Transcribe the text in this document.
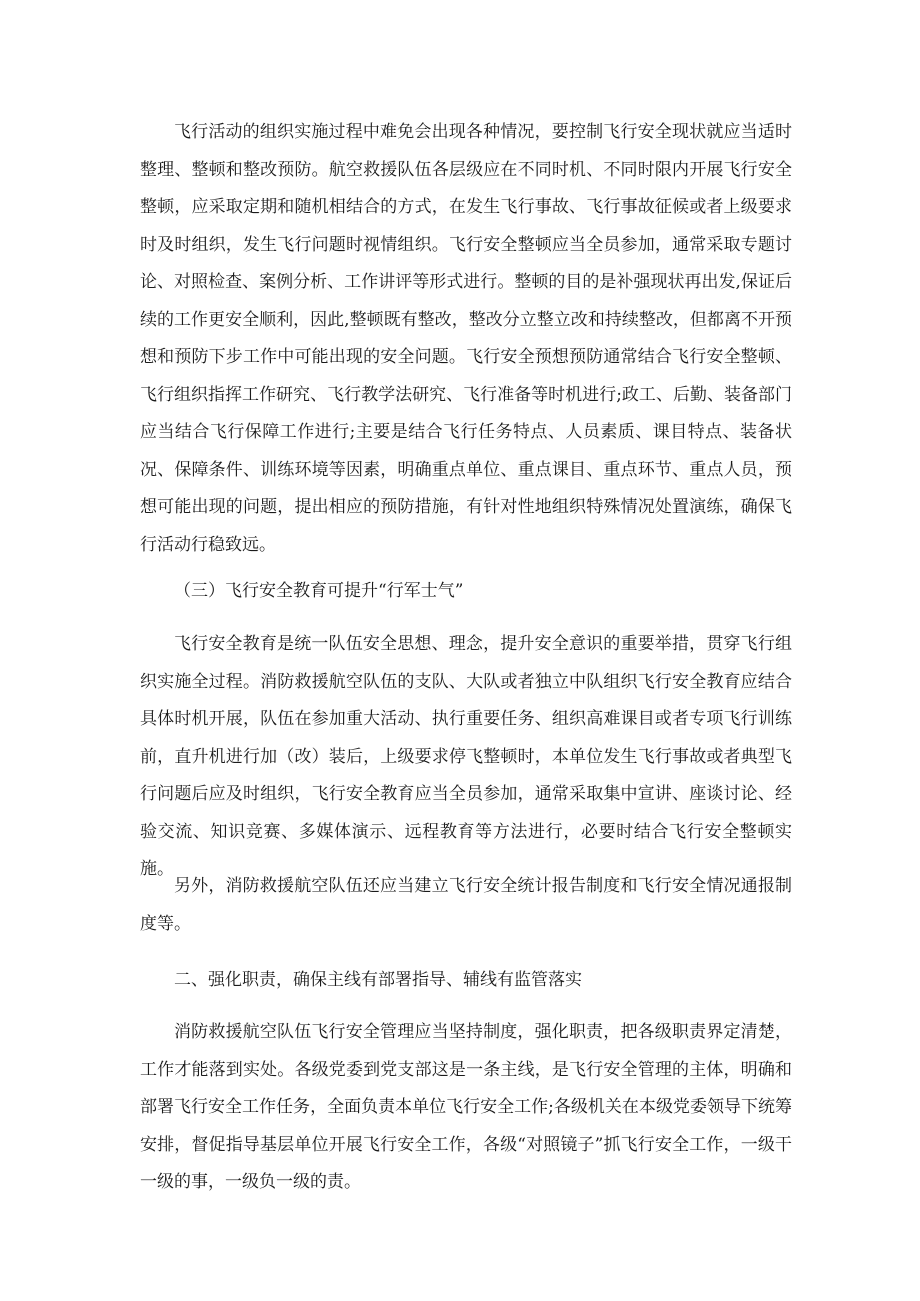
飞行活动的组织实施过程中难免会出现各种情况，要控制飞行安全现状就应当适时整理、整顿和整改预防。航空救援队伍各层级应在不同时机、不同时限内开展飞行安全整顿，应采取定期和随机相结合的方式，在发生飞行事故、飞行事故征候或者上级要求时及时组织，发生飞行问题时视情组织。飞行安全整顿应当全员参加，通常采取专题讨论、对照检查、案例分析、工作讲评等形式进行。整顿的目的是补强现状再出发,保证后续的工作更安全顺利，因此,整顿既有整改，整改分立整立改和持续整改，但都离不开预想和预防下步工作中可能出现的安全问题。飞行安全预想预防通常结合飞行安全整顿、飞行组织指挥工作研究、飞行教学法研究、飞行准备等时机进行;政工、后勤、装备部门应当结合飞行保障工作进行;主要是结合飞行任务特点、人员素质、课目特点、装备状况、保障条件、训练环境等因素，明确重点单位、重点课目、重点环节、重点人员，预想可能出现的问题，提出相应的预防措施，有针对性地组织特殊情况处置演练，确保飞行活动行稳致远。

（三）飞行安全教育可提升“行军士气”

飞行安全教育是统一队伍安全思想、理念，提升安全意识的重要举措，贯穿飞行组织实施全过程。消防救援航空队伍的支队、大队或者独立中队组织飞行安全教育应结合具体时机开展，队伍在参加重大活动、执行重要任务、组织高难课目或者专项飞行训练前，直升机进行加（改）装后，上级要求停飞整顿时，本单位发生飞行事故或者典型飞行问题后应及时组织，飞行安全教育应当全员参加，通常采取集中宣讲、座谈讨论、经验交流、知识竞赛、多媒体演示、远程教育等方法进行，必要时结合飞行安全整顿实施。

另外，消防救援航空队伍还应当建立飞行安全统计报告制度和飞行安全情况通报制度等。

二、强化职责，确保主线有部署指导、辅线有监管落实

消防救援航空队伍飞行安全管理应当坚持制度，强化职责，把各级职责界定清楚，工作才能落到实处。各级党委到党支部这是一条主线，是飞行安全管理的主体，明确和部署飞行安全工作任务，全面负责本单位飞行安全工作;各级机关在本级党委领导下统筹安排，督促指导基层单位开展飞行安全工作，各级“对照镜子”抓飞行安全工作，一级干一级的事，一级负一级的责。
